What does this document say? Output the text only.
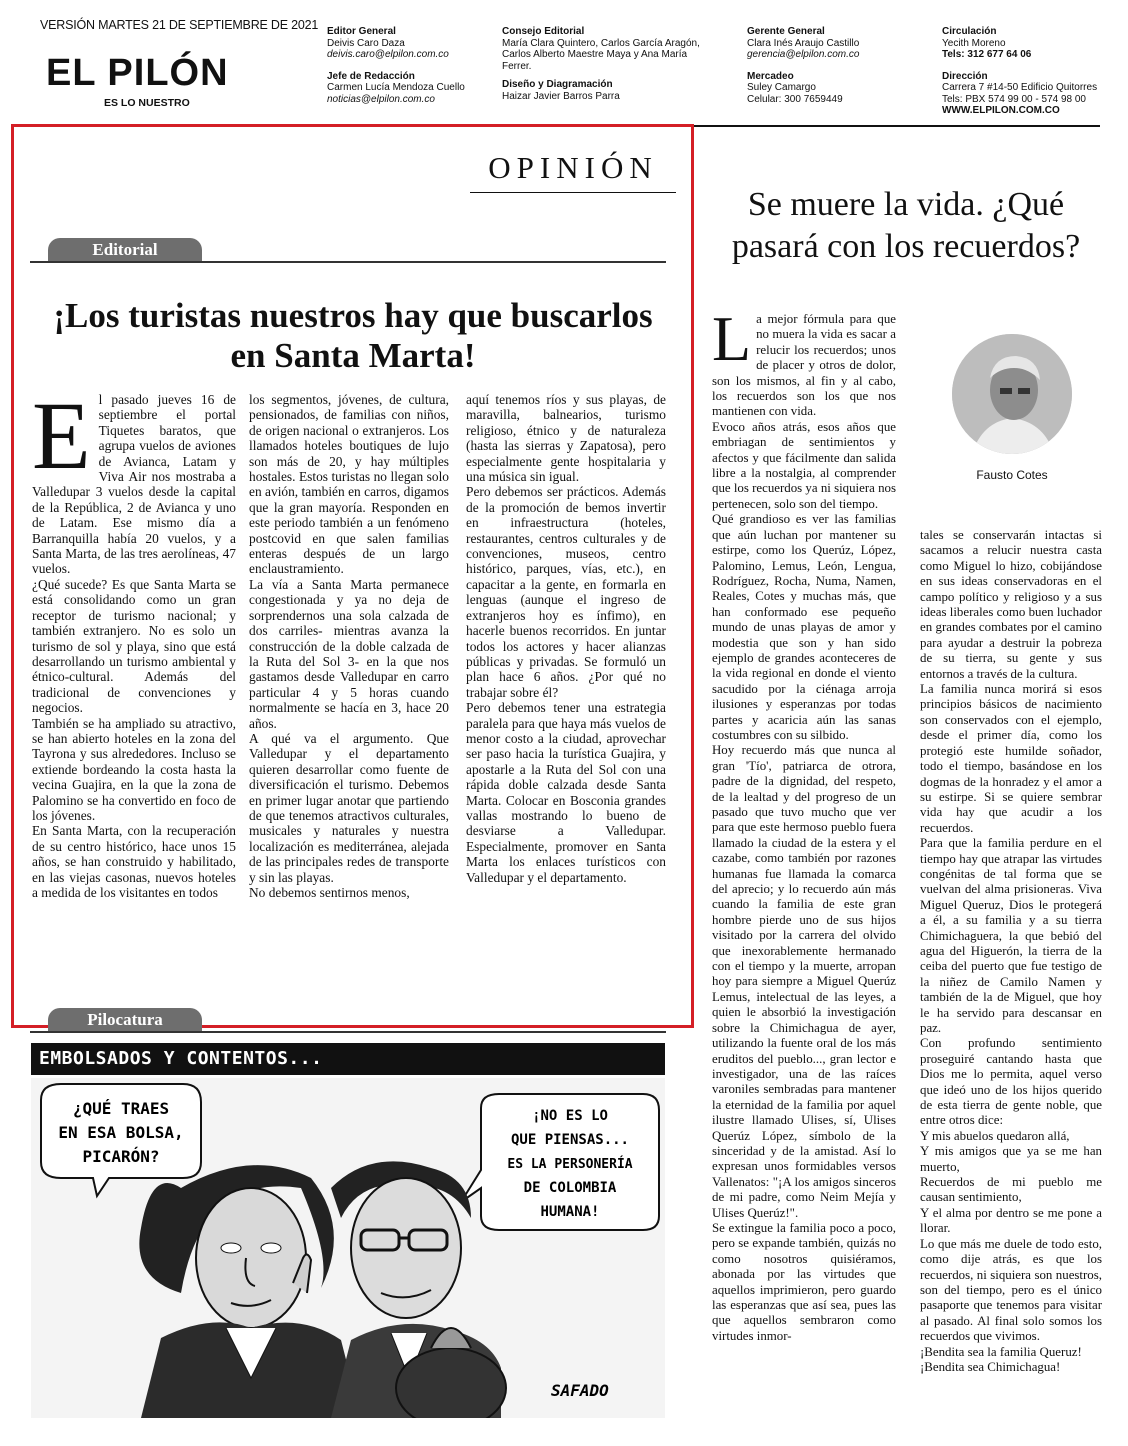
VERSIÓN MARTES 21 DE SEPTIEMBRE DE 2021
EL PILÓN
ES LO NUESTRO
Editor General
Deivis Caro Daza
deivis.caro@elpilon.com.co
Jefe de Redacción
Carmen Lucía Mendoza Cuello
noticias@elpilon.com.co
Consejo Editorial
María Clara Quintero, Carlos García Aragón, Carlos Alberto Maestre Maya y Ana María Ferrer.
Diseño y Diagramación
Haizar Javier Barros Parra
Gerente General
Clara Inés Araujo Castillo
gerencia@elpilon.com.co
Mercadeo
Suley Camargo
Celular: 300 7659449
Circulación
Yecith Moreno
Tels: 312 677 64 06
Dirección
Carrera 7 #14-50 Edificio Quitorres
Tels: PBX 574 99 00 - 574 98 00
WWW.ELPILON.COM.CO
OPINIÓN
Editorial
¡Los turistas nuestros hay que buscarlos en Santa Marta!
E l pasado jueves 16 de septiembre el portal Tiquetes baratos, que agrupa vuelos de aviones de Avianca, Latam y Viva Air nos mostraba a Valledupar 3 vuelos desde la capital de la República, 2 de Avianca y uno de Latam. Ese mismo día a Barranquilla había 20 vuelos, y a Santa Marta, de las tres aerolíneas, 47 vuelos.

¿Qué sucede? Es que Santa Marta se está consolidando como un gran receptor de turismo nacional; y también extranjero. No es solo un turismo de sol y playa, sino que está desarrollando un turismo ambiental y étnico-cultural. Además del tradicional de convenciones y negocios.

También se ha ampliado su atractivo, se han abierto hoteles en la zona del Tayrona y sus alrededores. Incluso se extiende bordeando la costa hasta la vecina Guajira, en la que la zona de Palomino se ha convertido en foco de los jóvenes.

En Santa Marta, con la recuperación de su centro histórico, hace unos 15 años, se han construido y habilitado, en las viejas casonas, nuevos hoteles a medida de los visitantes en todos

los segmentos, jóvenes, de cultura, pensionados, de familias con niños, de origen nacional o extranjeros. Los llamados hoteles boutiques de lujo son más de 20, y hay múltiples hostales. Estos turistas no llegan solo en avión, también en carros, digamos que la gran mayoría. Responden en este periodo también a un fenómeno postcovid en que salen familias enteras después de un largo enclaustramiento.

La vía a Santa Marta permanece congestionada y ya no deja de sorprendernos una sola calzada de dos carriles- mientras avanza la construcción de la doble calzada de la Ruta del Sol 3- en la que nos gastamos desde Valledupar en carro particular 4 y 5 horas cuando normalmente se hacía en 3, hace 20 años.

A qué va el argumento. Que Valledupar y el departamento quieren desarrollar como fuente de diversificación el turismo. Debemos en primer lugar anotar que partiendo de que tenemos atractivos culturales, musicales y naturales y nuestra localización es mediterránea, alejada de las principales redes de transporte y sin las playas.

No debemos sentirnos menos,

aquí tenemos ríos y sus playas, de maravilla, balnearios, turismo religioso, étnico y de naturaleza (hasta las sierras y Zapatosa), pero especialmente gente hospitalaria y una música sin igual.

Pero debemos ser prácticos. Además de la promoción de bemos invertir en infraestructura (hoteles, restaurantes, centros culturales y de convenciones, museos, centro histórico, parques, vías, etc.), en capacitar a la gente, en formarla en lenguas (aunque el ingreso de extranjeros hoy es ínfimo), en hacerle buenos recorridos. En juntar todos los actores y hacer alianzas públicas y privadas. Se formuló un plan hace 6 años. ¿Por qué no trabajar sobre él?

Pero debemos tener una estrategia paralela para que haya más vuelos de menor costo a la ciudad, aprovechar ser paso hacia la turística Guajira, y apostarle a la Ruta del Sol con una rápida doble calzada desde Santa Marta. Colocar en Bosconia grandes vallas mostrando lo bueno de desviarse a Valledupar. Especialmente, promover en Santa Marta los enlaces turísticos con Valledupar y el departamento.

Pilocatura
EMBOLSADOS Y CONTENTOS...
¿QUÉ TRAES
EN ESA BOLSA,
PICARÓN?
¡NO ES LO
QUE PIENSAS...
ES LA PERSONERÍA
DE COLOMBIA
HUMANA!
SAFADO
Se muere la vida. ¿Qué pasará con los recuerdos?
L a mejor fórmula para que no muera la vida es sacar a relucir los recuerdos; unos de placer y otros de dolor, son los mismos, al fin y al cabo, los recuerdos son los que nos mantienen con vida.

Evoco años atrás, esos años que embriagan de sentimientos y afectos y que fácilmente dan salida libre a la nostalgia, al comprender que los recuerdos ya ni siquiera nos pertenecen, solo son del tiempo.

Qué grandioso es ver las familias que aún luchan por mantener su estirpe, como los Querúz, López, Palomino, Lemus, León, Lengua, Rodríguez, Rocha, Numa, Namen, Reales, Cotes y muchas más, que han conformado ese pequeño mundo de unas playas de amor y modestia que son y han sido ejemplo de grandes aconteceres de la vida regional en donde el viento sacudido por la ciénaga arroja ilusiones y esperanzas por todas partes y acaricia aún las sanas costumbres con su silbido.

Hoy recuerdo más que nunca al gran 'Tío', patriarca de otrora, padre de la dignidad, del respeto, de la lealtad y del progreso de un pasado que tuvo mucho que ver para que este hermoso pueblo fuera llamado la ciudad de la estera y el cazabe, como también por razones humanas fue llamada la comarca del aprecio; y lo recuerdo aún más cuando la familia de este gran hombre pierde uno de sus hijos visitado por la carrera del olvido que inexorablemente hermanado con el tiempo y la muerte, arropan hoy para siempre a Miguel Querúz Lemus, intelectual de las leyes, a quien le absorbió la investigación sobre la Chimichagua de ayer, utilizando la fuente oral de los más eruditos del pueblo..., gran lector e investigador, una de las raíces varoniles sembradas para mantener la eternidad de la familia por aquel ilustre llamado Ulises, sí, Ulises Querúz López, símbolo de la sinceridad y de la amistad. Así lo expresan unos formidables versos Vallenatos: "¡A los amigos sinceros de mi padre, como Neim Mejía y Ulises Querúz!".

Se extingue la familia poco a poco, pero se expande también, quizás no como nosotros quisiéramos, abonada por las virtudes que aquellos imprimieron, pero guardo las esperanzas que así sea, pues las que aquellos sembraron como virtudes inmor-

Fausto Cotes

tales se conservarán intactas si sacamos a relucir nuestra casta como Miguel lo hizo, cobijándose en sus ideas conservadoras en el campo político y religioso y a sus ideas liberales como buen luchador en grandes combates por el camino para ayudar a destruir la pobreza de su tierra, su gente y sus entornos a través de la cultura.

La familia nunca morirá si esos principios básicos de nacimiento son conservados con el ejemplo, desde el primer día, como los protegió este humilde soñador, todo el tiempo, basándose en los dogmas de la honradez y el amor a su estirpe. Si se quiere sembrar vida hay que acudir a los recuerdos.

Para que la familia perdure en el tiempo hay que atrapar las virtudes congénitas de tal forma que se vuelvan del alma prisioneras. Viva Miguel Queruz, Dios le protegerá a él, a su familia y a su tierra Chimichaguera, la que bebió del agua del Higuerón, la tierra de la ceiba del puerto que fue testigo de la niñez de Camilo Namen y también de la de Miguel, que hoy le ha servido para descansar en paz.

Con profundo sentimiento proseguiré cantando hasta que Dios me lo permita, aquel verso que ideó uno de los hijos querido de esta tierra de gente noble, que entre otros dice:

Y mis abuelos quedaron allá,

Y mis amigos que ya se me han muerto,

Recuerdos de mi pueblo me causan sentimiento,

Y el alma por dentro se me pone a llorar.

Lo que más me duele de todo esto, como dije atrás, es que los recuerdos, ni siquiera son nuestros, son del tiempo, pero es el único pasaporte que tenemos para visitar al pasado. Al final solo somos los recuerdos que vivimos.

¡Bendita sea la familia Queruz!

¡Bendita sea Chimichagua!
